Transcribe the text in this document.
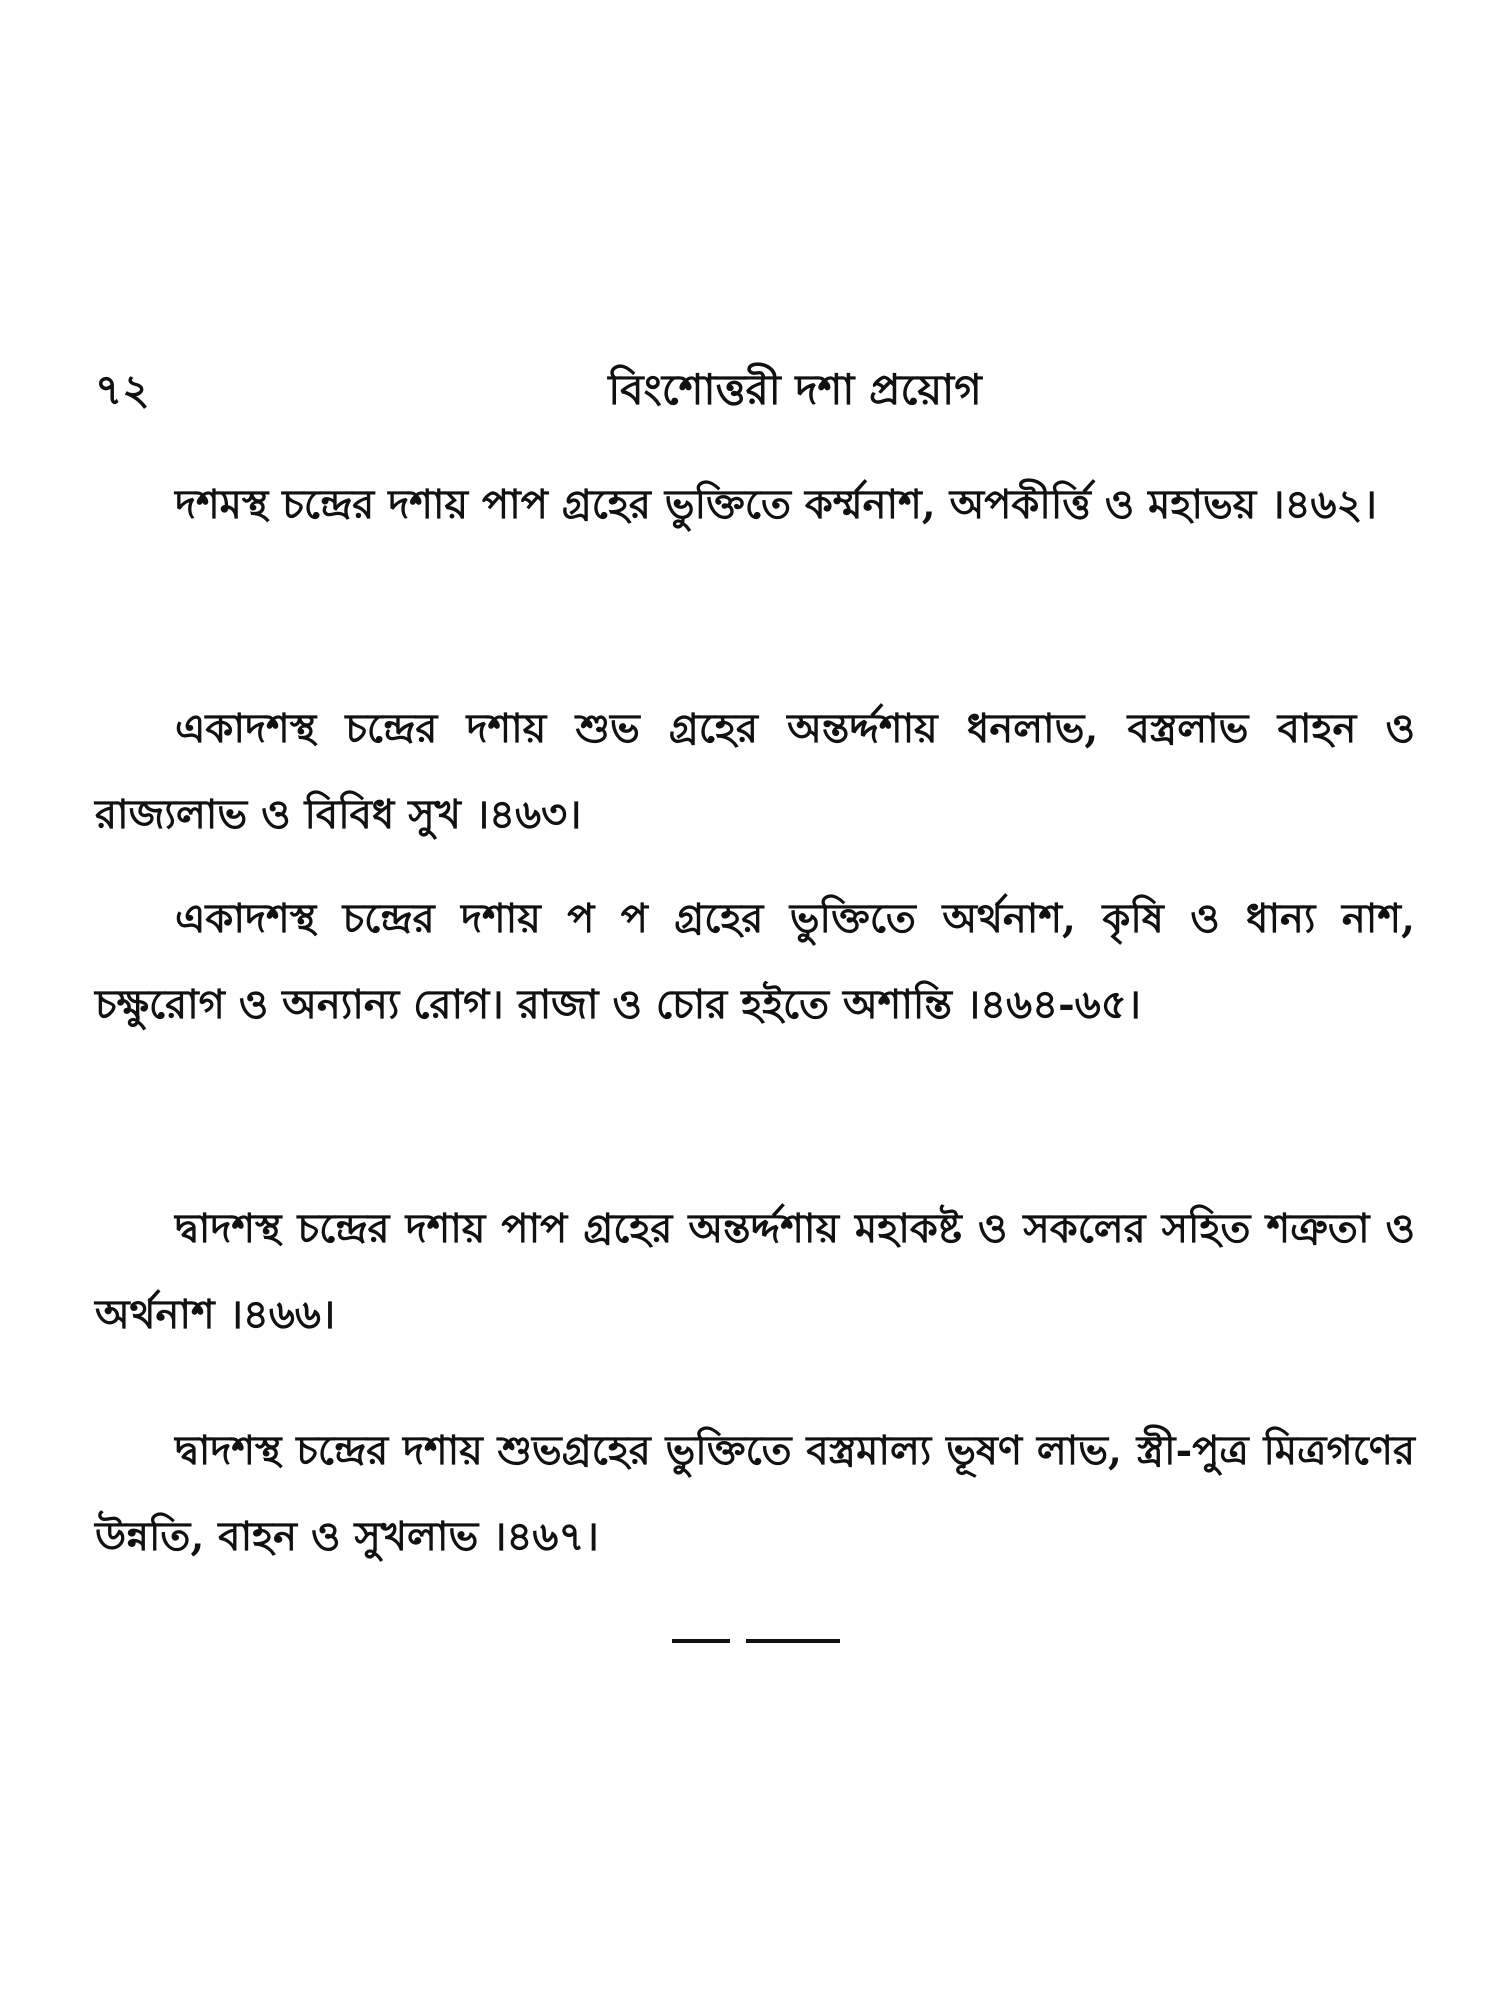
৭২	বিংশোত্তরী দশা প্রয়োগ

দশমস্থ চন্দ্রের দশায় পাপ গ্রহের ভুক্তিতে কর্ম্মনাশ, অপকীর্ত্তি ও মহাভয় ।৪৬২।

একাদশস্থ চন্দ্রের দশায় শুভ গ্রহের অন্তর্দ্দশায় ধনলাভ, বস্ত্রলাভ বাহন ও রাজ্যলাভ ও বিবিধ সুখ ।৪৬৩।

একাদশস্থ চন্দ্রের দশায় প প গ্রহের ভুক্তিতে অর্থনাশ, কৃষি ও ধান্য নাশ, চক্ষুরোগ ও অন্যান্য রোগ। রাজা ও চোর হইতে অশান্তি ।৪৬৪-৬৫।

দ্বাদশস্থ চন্দ্রের দশায় পাপ গ্রহের অন্তর্দ্দশায় মহাকষ্ট ও সকলের সহিত শত্রুতা ও অর্থনাশ ।৪৬৬।

দ্বাদশস্থ চন্দ্রের দশায় শুভগ্রহের ভুক্তিতে বস্ত্রমাল্য ভূষণ লাভ, স্ত্রী-পুত্র মিত্রগণের উন্নতি, বাহন ও সুখলাভ ।৪৬৭।
